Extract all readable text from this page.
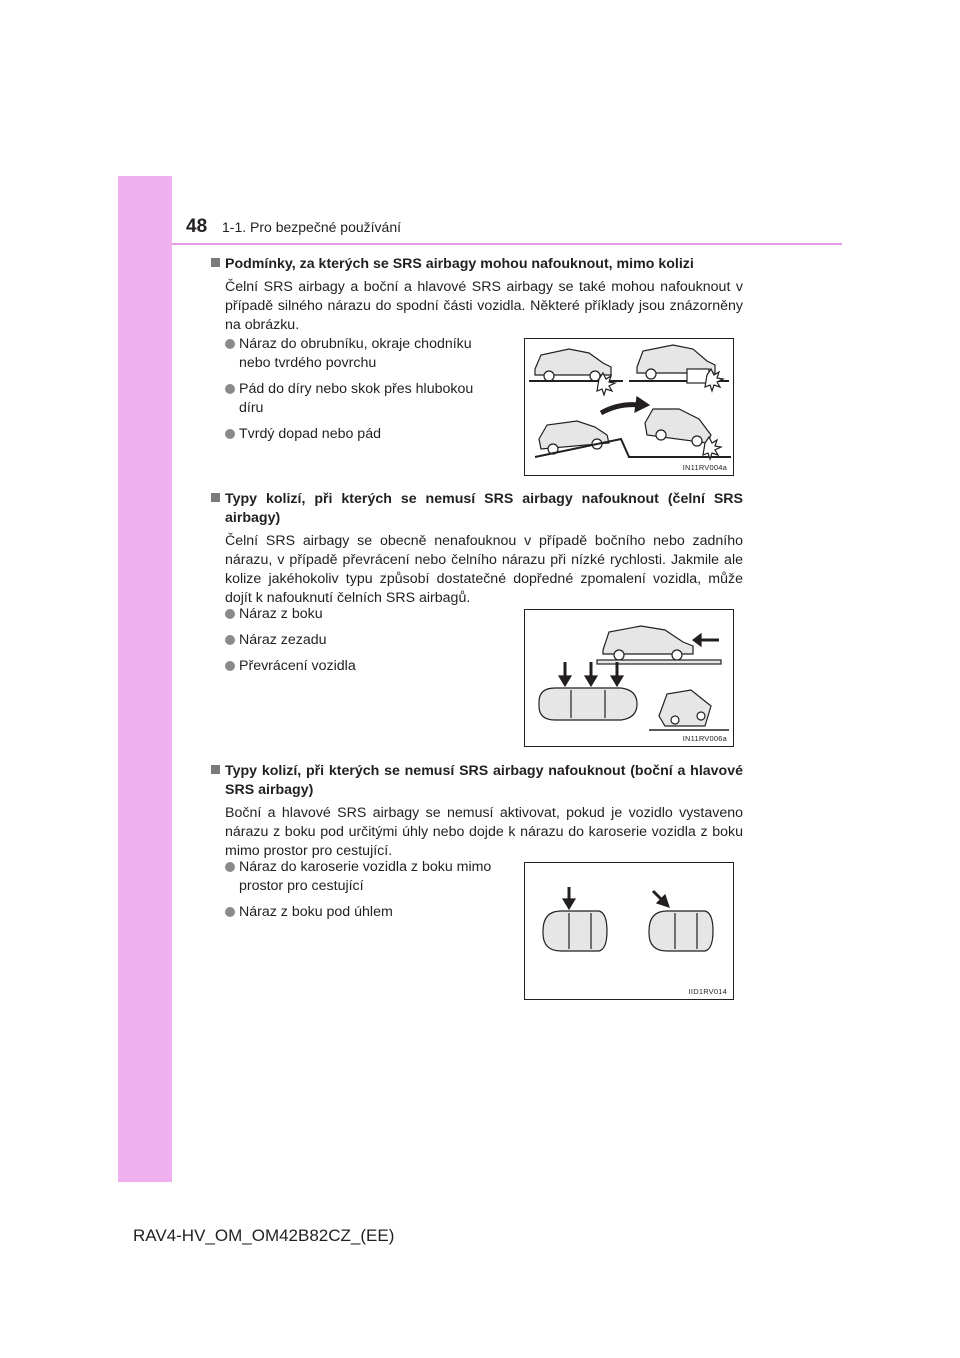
48 1-1. Pro bezpečné používání
Podmínky, za kterých se SRS airbagy mohou nafouknout, mimo kolizi
Čelní SRS airbagy a boční a hlavové SRS airbagy se také mohou nafouknout v případě silného nárazu do spodní části vozidla. Některé příklady jsou znázorněny na obrázku.
Náraz do obrubníku, okraje chodníku nebo tvrdého povrchu
Pád do díry nebo skok přes hlubokou díru
Tvrdý dopad nebo pád
IN11RV004a
Typy kolizí, při kterých se nemusí SRS airbagy nafouknout (čelní SRS airbagy)
Čelní SRS airbagy se obecně nenafouknou v případě bočního nebo zadního nárazu, v případě převrácení nebo čelního nárazu při nízké rychlosti. Jakmile ale kolize jakéhokoliv typu způsobí dostatečné dopředné zpomalení vozidla, může dojít k nafouknutí čelních SRS airbagů.
Náraz z boku
Náraz zezadu
Převrácení vozidla
IN11RV006a
Typy kolizí, při kterých se nemusí SRS airbagy nafouknout (boční a hlavové SRS airbagy)
Boční a hlavové SRS airbagy se nemusí aktivovat, pokud je vozidlo vystaveno nárazu z boku pod určitými úhly nebo dojde k nárazu do karoserie vozidla z boku mimo prostor pro cestující.
Náraz do karoserie vozidla z boku mimo prostor pro cestující
Náraz z boku pod úhlem
IID1RV014
RAV4-HV_OM_OM42B82CZ_(EE)
